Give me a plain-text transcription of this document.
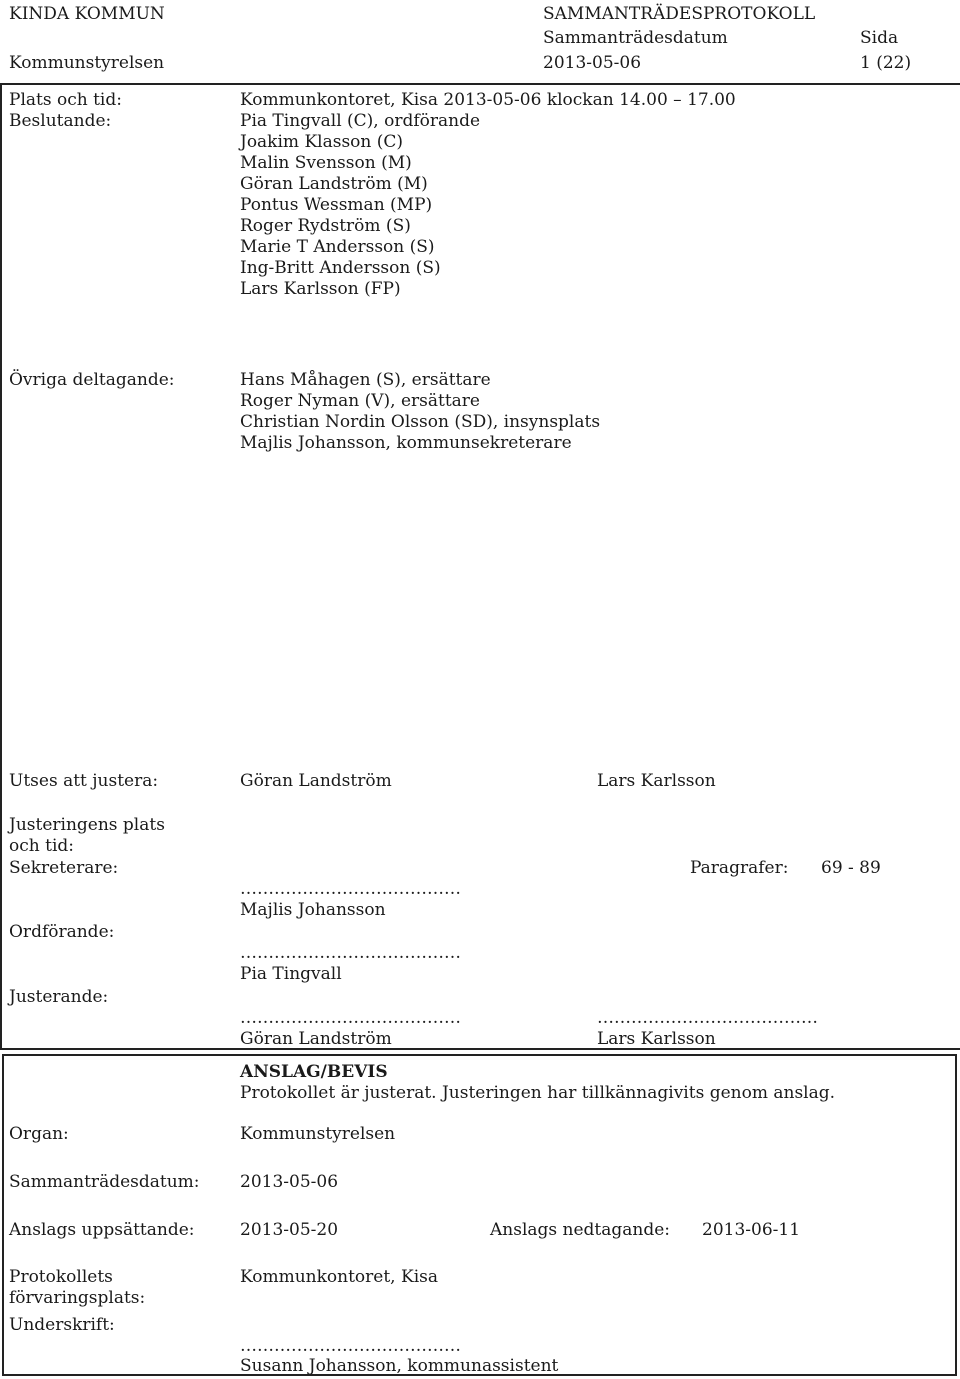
KINDA KOMMUN	SAMMANTRÄDESPROTOKOLL
Sammanträdesdatum	Sida
Kommunstyrelsen	2013-05-06	1 (22)
Plats och tid:	Kommunkontoret, Kisa 2013-05-06 klockan 14.00 – 17.00
Beslutande:	Pia Tingvall (C), ordförande
Joakim Klasson (C)
Malin Svensson (M)
Göran Landström (M)
Pontus Wessman (MP)
Roger Rydström (S)
Marie T Andersson (S)
Ing-Britt Andersson (S)
Lars Karlsson (FP)
Övriga deltagande:	Hans Måhagen (S), ersättare
Roger Nyman (V), ersättare
Christian Nordin Olsson (SD), insynsplats
Majlis Johansson, kommunsekreterare
Utses att justera:	Göran Landström	Lars Karlsson
Justeringens plats
och tid:
Sekreterare:	Paragrafer: 69 - 89
…………………………………
Majlis Johansson
Ordförande:
…………………………………
Pia Tingvall
Justerande:
…………………………………	…………………………………
Göran Landström	Lars Karlsson
ANSLAG/BEVIS
Protokollet är justerat. Justeringen har tillkännagivits genom anslag.
Organ:	Kommunstyrelsen
Sammanträdesdatum: 2013-05-06
Anslags uppsättande:	2013-05-20	Anslags nedtagande: 2013-06-11
Protokollets
förvaringsplats:
Kommunkontoret, Kisa
Underskrift:
…………………………………
Susann Johansson, kommunassistent
